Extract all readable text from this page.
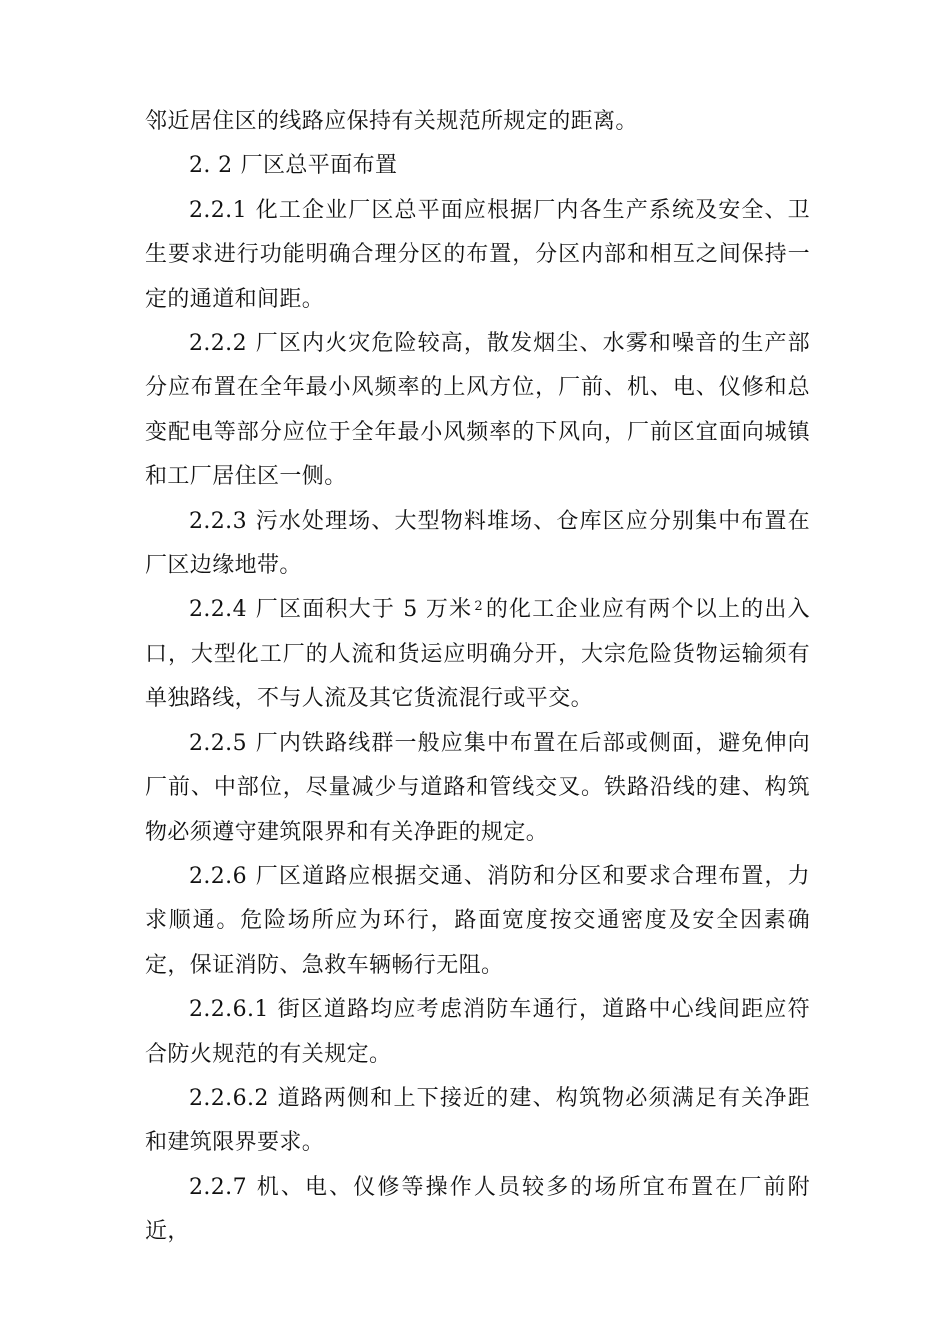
邻近居住区的线路应保持有关规范所规定的距离。

2. 2 厂区总平面布置

2.2.1 化工企业厂区总平面应根据厂内各生产系统及安全、卫生要求进行功能明确合理分区的布置，分区内部和相互之间保持一定的通道和间距。

2.2.2 厂区内火灾危险较高，散发烟尘、水雾和噪音的生产部分应布置在全年最小风频率的上风方位，厂前、机、电、仪修和总变配电等部分应位于全年最小风频率的下风向，厂前区宜面向城镇和工厂居住区一侧。

2.2.3 污水处理场、大型物料堆场、仓库区应分别集中布置在厂区边缘地带。

2.2.4 厂区面积大于 5 万米 $^2$的化工企业应有两个以上的出入口，大型化工厂的人流和货运应明确分开，大宗危险货物运输须有单独路线，不与人流及其它货流混行或平交。

2.2.5 厂内铁路线群一般应集中布置在后部或侧面，避免伸向厂前、中部位，尽量减少与道路和管线交叉。铁路沿线的建、构筑物必须遵守建筑限界和有关净距的规定。

2.2.6 厂区道路应根据交通、消防和分区和要求合理布置，力求顺通。危险场所应为环行，路面宽度按交通密度及安全因素确定，保证消防、急救车辆畅行无阻。

2.2.6.1 街区道路均应考虑消防车通行，道路中心线间距应符合防火规范的有关规定。

2.2.6.2 道路两侧和上下接近的建、构筑物必须满足有关净距和建筑限界要求。

2.2.7 机、电、仪修等操作人员较多的场所宜布置在厂前附近，
